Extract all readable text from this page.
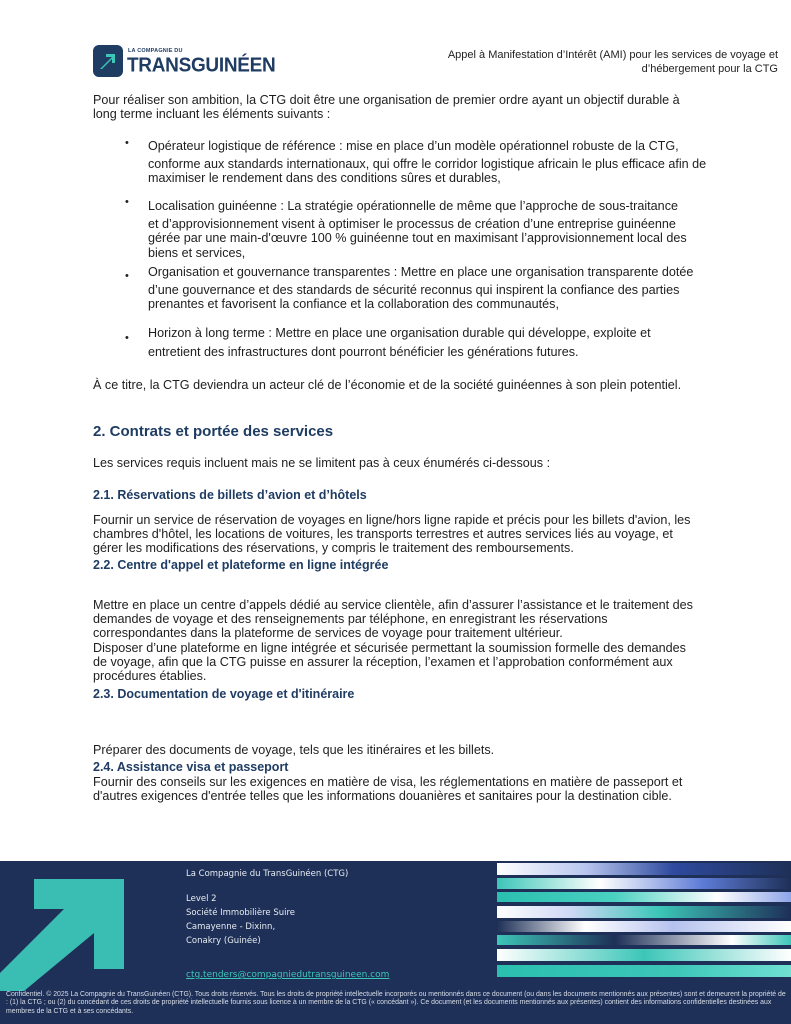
LA COMPAGNIE DU
TRANSGUINÉEN	Appel à Manifestation d’Intérêt (AMI) pour les services de voyage et
d’hébergement pour la CTG
Pour réaliser son ambition, la CTG doit être une organisation de premier ordre ayant un objectif durable à long terme incluant les éléments suivants :
• Opérateur logistique de référence : mise en place d’un modèle opérationnel robuste de la CTG,
conforme aux standards internationaux, qui offre le corridor logistique africain le plus efficace afin de maximiser le rendement dans des conditions sûres et durables,
• Localisation guinéenne : La stratégie opérationnelle de même que l’approche de sous-traitance
et d’approvisionnement visent à optimiser le processus de création d’une entreprise guinéenne gérée par une main-d'œuvre 100 % guinéenne tout en maximisant l’approvisionnement local des biens et services,
• Organisation et gouvernance transparentes : Mettre en place une organisation transparente dotée
d’une gouvernance et des standards de sécurité reconnus qui inspirent la confiance des parties prenantes et favorisent la confiance et la collaboration des communautés,
• Horizon à long terme : Mettre en place une organisation durable qui développe, exploite et
entretient des infrastructures dont pourront bénéficier les générations futures.
À ce titre, la CTG deviendra un acteur clé de l’économie et de la société guinéennes à son plein potentiel.
2. Contrats et portée des services
Les services requis incluent mais ne se limitent pas à ceux énumérés ci-dessous :
2.1. Réservations de billets d’avion et d’hôtels
Fournir un service de réservation de voyages en ligne/hors ligne rapide et précis pour les billets d'avion, les chambres d'hôtel, les locations de voitures, les transports terrestres et autres services liés au voyage, et gérer les modifications des réservations, y compris le traitement des remboursements.
2.2. Centre d'appel et plateforme en ligne intégrée
Mettre en place un centre d’appels dédié au service clientèle, afin d’assurer l’assistance et le traitement des demandes de voyage et des renseignements par téléphone, en enregistrant les réservations correspondantes dans la plateforme de services de voyage pour traitement ultérieur.
Disposer d’une plateforme en ligne intégrée et sécurisée permettant la soumission formelle des demandes de voyage, afin que la CTG puisse en assurer la réception, l’examen et l’approbation conformément aux procédures établies.
2.3. Documentation de voyage et d'itinéraire
Préparer des documents de voyage, tels que les itinéraires et les billets.
2.4. Assistance visa et passeport
Fournir des conseils sur les exigences en matière de visa, les réglementations en matière de passeport et d'autres exigences d'entrée telles que les informations douanières et sanitaires pour la destination cible.
La Compagnie du TransGuinéen (CTG)
Level 2
Société Immobilière Suire
Camayenne - Dixinn,
Conakry (Guinée)
ctg.tenders@compagniedutransguineen.com
Confidentiel. © 2025 La Compagnie du TransGuinéen (CTG). Tous droits réservés. Tous les droits de propriété intellectuelle incorporés ou mentionnés dans ce document (ou dans les documents mentionnés aux présentes) sont et demeurent la propriété de : (1) la CTG ; ou (2) du concédant de ces droits de propriété intellectuelle fournis sous licence à un membre de la CTG (« concédant »). Ce document (et les documents mentionnés aux présentes) contient des informations confidentielles destinées aux membres de la CTG et à ses concédants.
